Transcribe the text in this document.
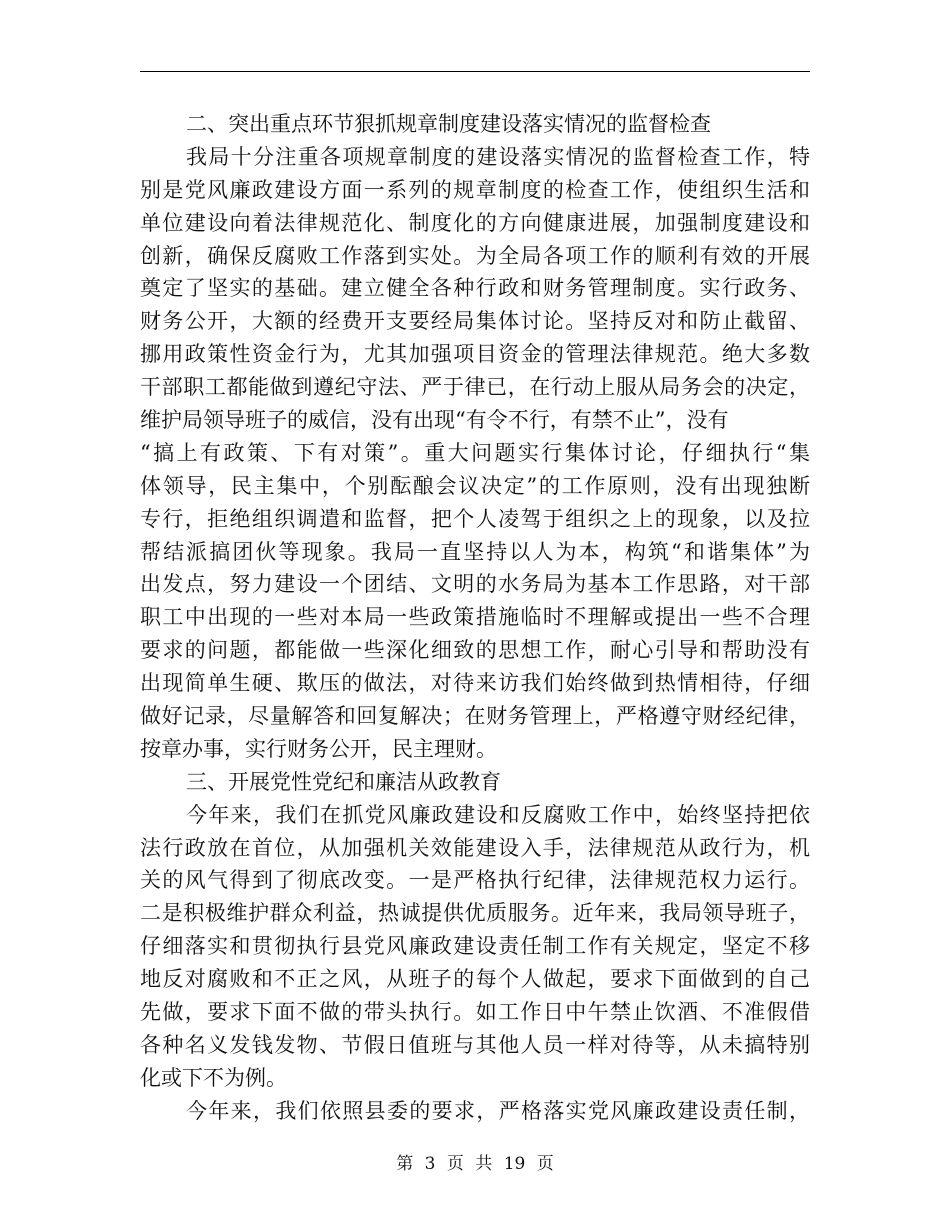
二、突出重点环节狠抓规章制度建设落实情况的监督检查
我局十分注重各项规章制度的建设落实情况的监督检查工作，特
别是党风廉政建设方面一系列的规章制度的检查工作，使组织生活和
单位建设向着法律规范化、制度化的方向健康进展，加强制度建设和
创新，确保反腐败工作落到实处。为全局各项工作的顺利有效的开展
奠定了坚实的基础。建立健全各种行政和财务管理制度。实行政务、
财务公开，大额的经费开支要经局集体讨论。坚持反对和防止截留、
挪用政策性资金行为，尤其加强项目资金的管理法律规范。绝大多数
干部职工都能做到遵纪守法、严于律已，在行动上服从局务会的决定，
维护局领导班子的威信，没有出现“有令不行，有禁不止”，没有
“搞上有政策、下有对策”。重大问题实行集体讨论，仔细执行“集
体领导，民主集中，个别酝酿会议决定”的工作原则，没有出现独断
专行，拒绝组织调遣和监督，把个人凌驾于组织之上的现象，以及拉
帮结派搞团伙等现象。我局一直坚持以人为本，构筑“和谐集体”为
出发点，努力建设一个团结、文明的水务局为基本工作思路，对干部
职工中出现的一些对本局一些政策措施临时不理解或提出一些不合理
要求的问题，都能做一些深化细致的思想工作，耐心引导和帮助没有
出现简单生硬、欺压的做法，对待来访我们始终做到热情相待，仔细
做好记录，尽量解答和回复解决；在财务管理上，严格遵守财经纪律，
按章办事，实行财务公开，民主理财。
三、开展党性党纪和廉洁从政教育
今年来，我们在抓党风廉政建设和反腐败工作中，始终坚持把依
法行政放在首位，从加强机关效能建设入手，法律规范从政行为，机
关的风气得到了彻底改变。一是严格执行纪律，法律规范权力运行。
二是积极维护群众利益，热诚提供优质服务。近年来，我局领导班子，
仔细落实和贯彻执行县党风廉政建设责任制工作有关规定，坚定不移
地反对腐败和不正之风，从班子的每个人做起，要求下面做到的自己
先做，要求下面不做的带头执行。如工作日中午禁止饮酒、不准假借
各种名义发钱发物、节假日值班与其他人员一样对待等，从未搞特别
化或下不为例。
今年来，我们依照县委的要求，严格落实党风廉政建设责任制，
第 3 页 共 19 页
